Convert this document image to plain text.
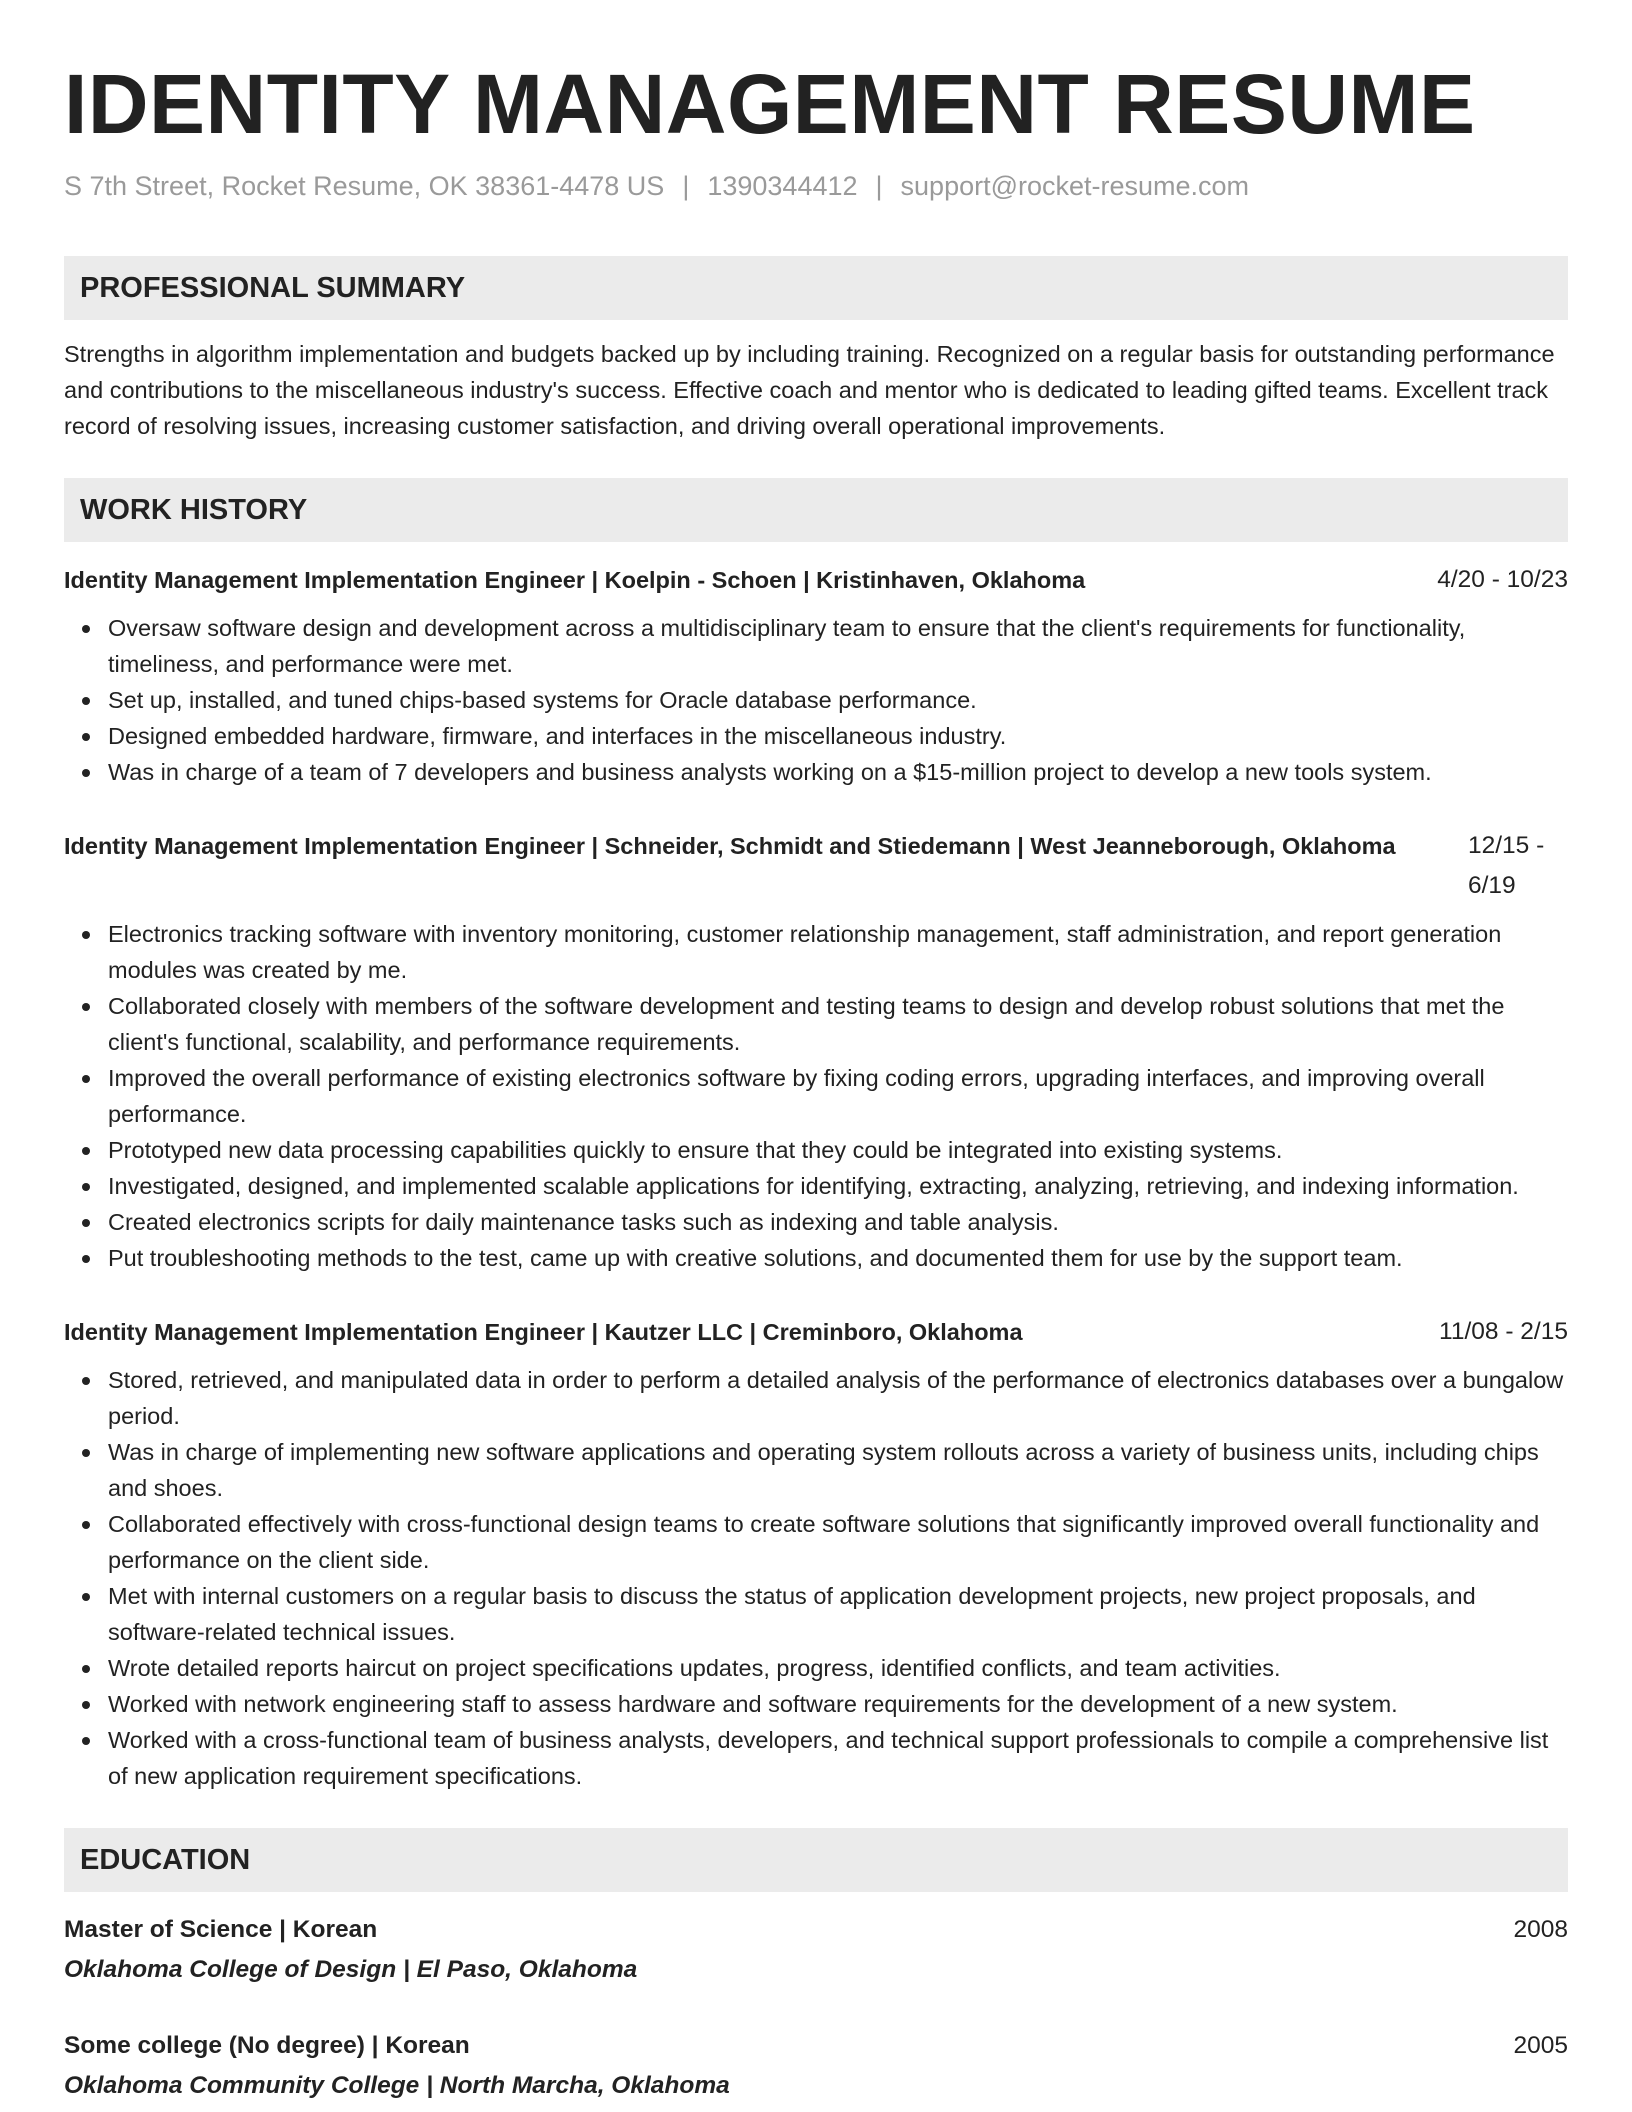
IDENTITY MANAGEMENT RESUME
S 7th Street, Rocket Resume, OK 38361-4478 US | 1390344412 | support@rocket-resume.com
PROFESSIONAL SUMMARY
Strengths in algorithm implementation and budgets backed up by including training. Recognized on a regular basis for outstanding performance and contributions to the miscellaneous industry's success. Effective coach and mentor who is dedicated to leading gifted teams. Excellent track record of resolving issues, increasing customer satisfaction, and driving overall operational improvements.
WORK HISTORY
Identity Management Implementation Engineer | Koelpin - Schoen | Kristinhaven, Oklahoma	4/20 - 10/23
Oversaw software design and development across a multidisciplinary team to ensure that the client's requirements for functionality, timeliness, and performance were met.
Set up, installed, and tuned chips-based systems for Oracle database performance.
Designed embedded hardware, firmware, and interfaces in the miscellaneous industry.
Was in charge of a team of 7 developers and business analysts working on a $15-million project to develop a new tools system.
Identity Management Implementation Engineer | Schneider, Schmidt and Stiedemann | West Jeanneborough, Oklahoma	12/15 - 6/19
Electronics tracking software with inventory monitoring, customer relationship management, staff administration, and report generation modules was created by me.
Collaborated closely with members of the software development and testing teams to design and develop robust solutions that met the client's functional, scalability, and performance requirements.
Improved the overall performance of existing electronics software by fixing coding errors, upgrading interfaces, and improving overall performance.
Prototyped new data processing capabilities quickly to ensure that they could be integrated into existing systems.
Investigated, designed, and implemented scalable applications for identifying, extracting, analyzing, retrieving, and indexing information.
Created electronics scripts for daily maintenance tasks such as indexing and table analysis.
Put troubleshooting methods to the test, came up with creative solutions, and documented them for use by the support team.
Identity Management Implementation Engineer | Kautzer LLC | Creminboro, Oklahoma	11/08 - 2/15
Stored, retrieved, and manipulated data in order to perform a detailed analysis of the performance of electronics databases over a bungalow period.
Was in charge of implementing new software applications and operating system rollouts across a variety of business units, including chips and shoes.
Collaborated effectively with cross-functional design teams to create software solutions that significantly improved overall functionality and performance on the client side.
Met with internal customers on a regular basis to discuss the status of application development projects, new project proposals, and software-related technical issues.
Wrote detailed reports haircut on project specifications updates, progress, identified conflicts, and team activities.
Worked with network engineering staff to assess hardware and software requirements for the development of a new system.
Worked with a cross-functional team of business analysts, developers, and technical support professionals to compile a comprehensive list of new application requirement specifications.
EDUCATION
Master of Science | Korean	2008
Oklahoma College of Design | El Paso, Oklahoma
Some college (No degree) | Korean	2005
Oklahoma Community College | North Marcha, Oklahoma
